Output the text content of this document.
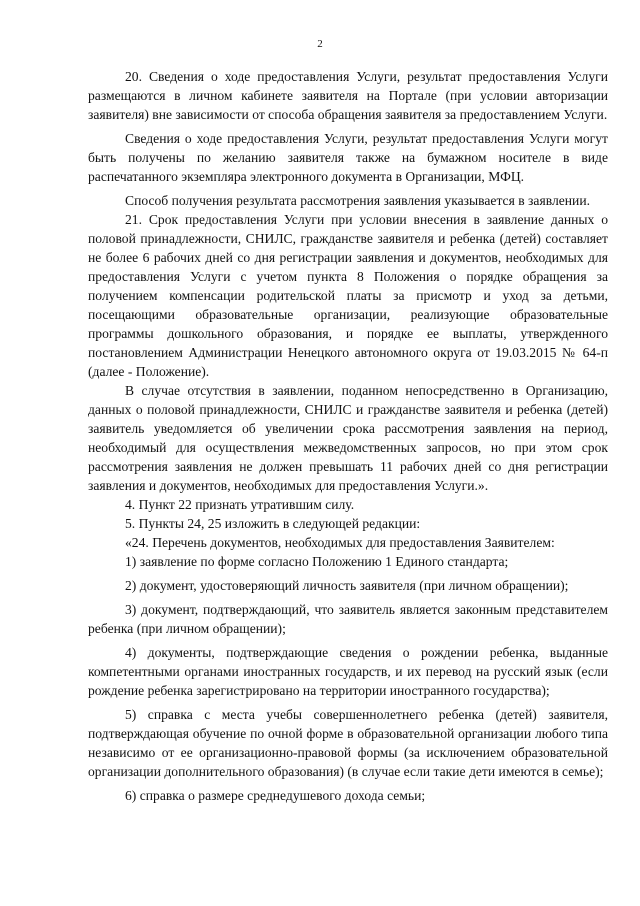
2

20. Сведения о ходе предоставления Услуги, результат предоставления Услуги размещаются в личном кабинете заявителя на Портале (при условии авторизации заявителя) вне зависимости от способа обращения заявителя за предоставлением Услуги.

Сведения о ходе предоставления Услуги, результат предоставления Услуги могут быть получены по желанию заявителя также на бумажном носителе в виде распечатанного экземпляра электронного документа в Организации, МФЦ.

Способ получения результата рассмотрения заявления указывается в заявлении.

21. Срок предоставления Услуги при условии внесения в заявление данных о половой принадлежности, СНИЛС, гражданстве заявителя и ребенка (детей) составляет не более 6 рабочих дней со дня регистрации заявления и документов, необходимых для предоставления Услуги с учетом пункта 8 Положения о порядке обращения за получением компенсации родительской платы за присмотр и уход за детьми, посещающими образовательные организации, реализующие образовательные программы дошкольного образования, и порядке ее выплаты, утвержденного постановлением Администрации Ненецкого автономного округа от 19.03.2015 № 64-п (далее - Положение).

В случае отсутствия в заявлении, поданном непосредственно в Организацию, данных о половой принадлежности, СНИЛС и гражданстве заявителя и ребенка (детей) заявитель уведомляется об увеличении срока рассмотрения заявления на период, необходимый для осуществления межведомственных запросов, но при этом срок рассмотрения заявления не должен превышать 11 рабочих дней со дня регистрации заявления и документов, необходимых для предоставления Услуги.».

4. Пункт 22 признать утратившим силу.

5. Пункты 24, 25 изложить в следующей редакции:

«24. Перечень документов, необходимых для предоставления Заявителем:

1) заявление по форме согласно Положению 1 Единого стандарта;

2) документ, удостоверяющий личность заявителя (при личном обращении);

3) документ, подтверждающий, что заявитель является законным представителем ребенка (при личном обращении);

4) документы, подтверждающие сведения о рождении ребенка, выданные компетентными органами иностранных государств, и их перевод на русский язык (если рождение ребенка зарегистрировано на территории иностранного государства);

5) справка с места учебы совершеннолетнего ребенка (детей) заявителя, подтверждающая обучение по очной форме в образовательной организации любого типа независимо от ее организационно-правовой формы (за исключением образовательной организации дополнительного образования) (в случае если такие дети имеются в семье);

6) справка о размере среднедушевого дохода семьи;
